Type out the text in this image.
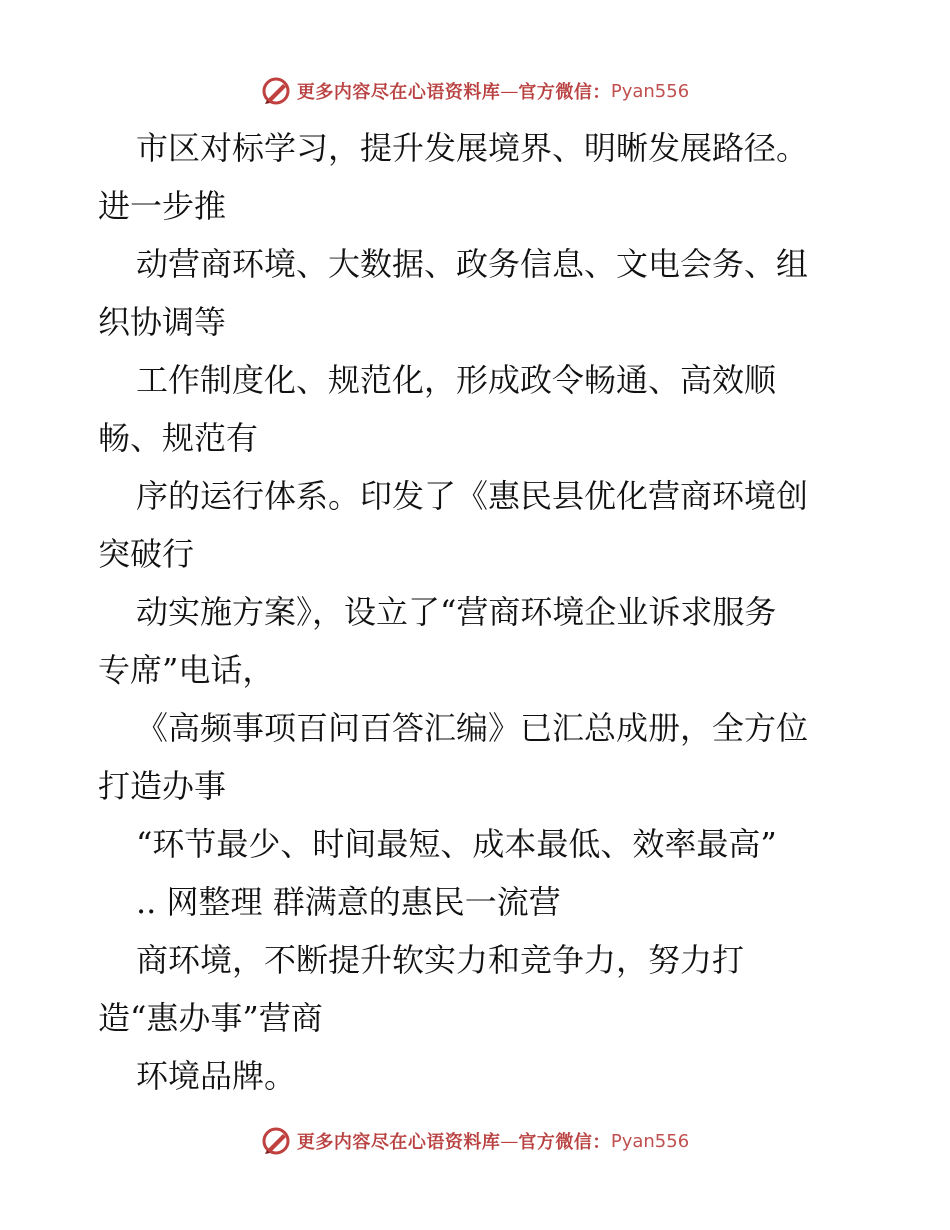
更多内容尽在心语资料库 — 官方微信： Pyan556
市区对标学习，提升发展境界、明晰发展路径。
进一步推
动营商环境、大数据、政务信息、文电会务、组
织协调等
工作制度化、规范化，形成政令畅通、高效顺
畅、规范有
序的运行体系。印发了《惠民县优化营商环境创
突破行
动实施方案》，设立了“营商环境企业诉求服务
专席”电话，
《高频事项百问百答汇编》已汇总成册，全方位
打造办事
“环节最少、时间最短、成本最低、效率最高”
.. 网整理 群满意的惠民一流营
商环境，不断提升软实力和竞争力，努力打
造“惠办事”营商
环境品牌。
更多内容尽在心语资料库 — 官方微信： Pyan556
